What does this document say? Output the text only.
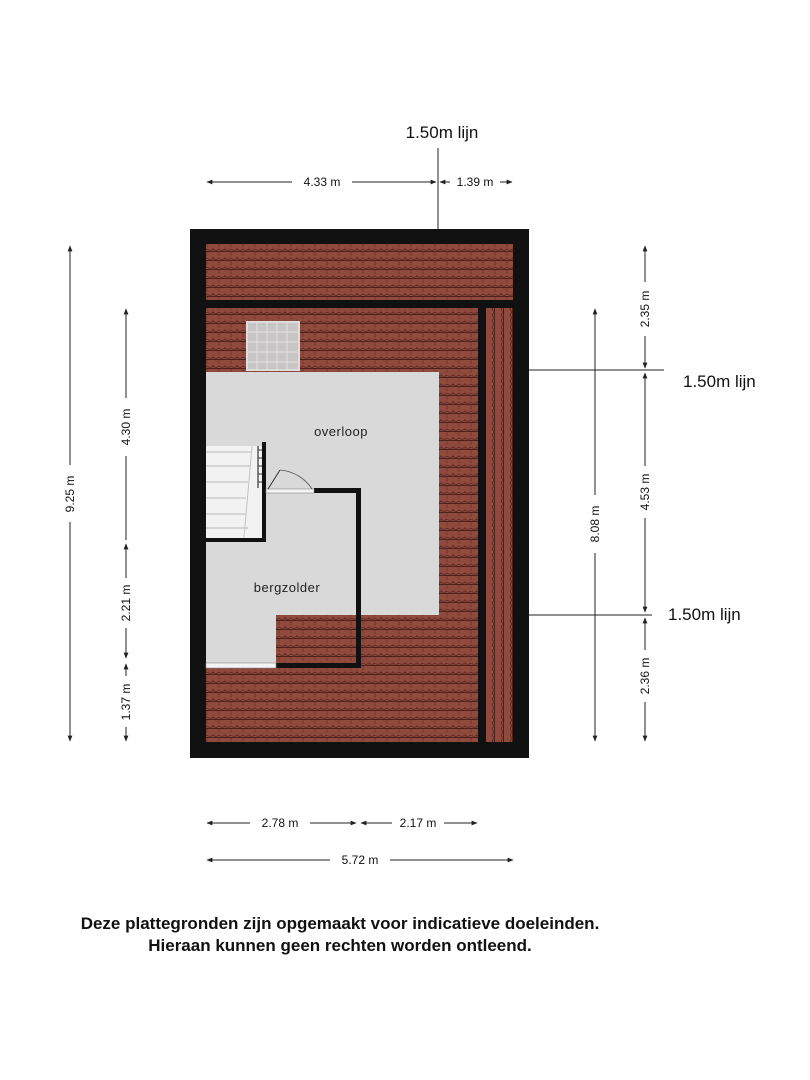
overloop
bergzolder
1.50m lijn
4.33 m	1.39 m
9.25 m
4.30 m
2.21 m
1.37 m
1.50m lijn
1.50m lijn
8.08 m
2.35 m
4.53 m
2.36 m
2.78 m	2.17 m
5.72 m
Deze plattegronden zijn opgemaakt voor indicatieve doeleinden.
Hieraan kunnen geen rechten worden ontleend.
